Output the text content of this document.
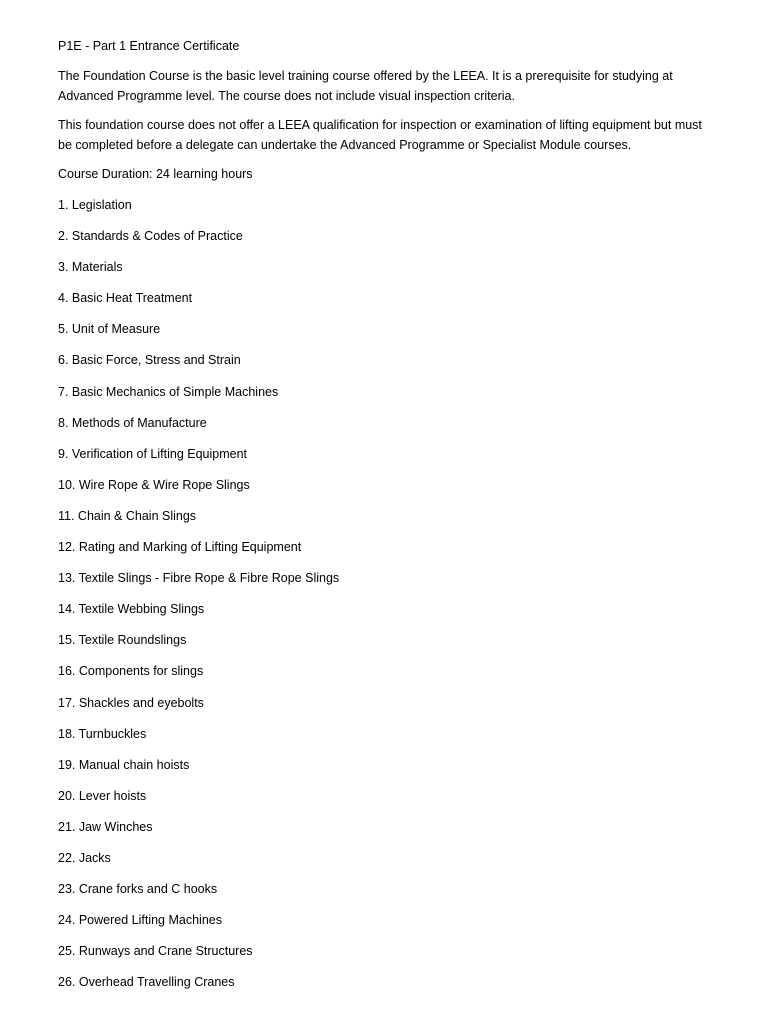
P1E - Part 1 Entrance Certificate

The Foundation Course is the basic level training course offered by the LEEA. It is a prerequisite for studying at Advanced Programme level. The course does not include visual inspection criteria.

This foundation course does not offer a LEEA qualification for inspection or examination of lifting equipment but must be completed before a delegate can undertake the Advanced Programme or Specialist Module courses.

Course Duration: 24 learning hours
1. Legislation
2. Standards & Codes of Practice
3. Materials
4. Basic Heat Treatment
5. Unit of Measure
6. Basic Force, Stress and Strain
7. Basic Mechanics of Simple Machines
8. Methods of Manufacture
9. Verification of Lifting Equipment
10. Wire Rope & Wire Rope Slings
11. Chain & Chain Slings
12. Rating and Marking of Lifting Equipment
13. Textile Slings - Fibre Rope & Fibre Rope Slings
14. Textile Webbing Slings
15. Textile Roundslings
16. Components for slings
17. Shackles and eyebolts
18. Turnbuckles
19. Manual chain hoists
20. Lever hoists
21. Jaw Winches
22. Jacks
23. Crane forks and C hooks
24. Powered Lifting Machines
25. Runways and Crane Structures
26. Overhead Travelling Cranes
